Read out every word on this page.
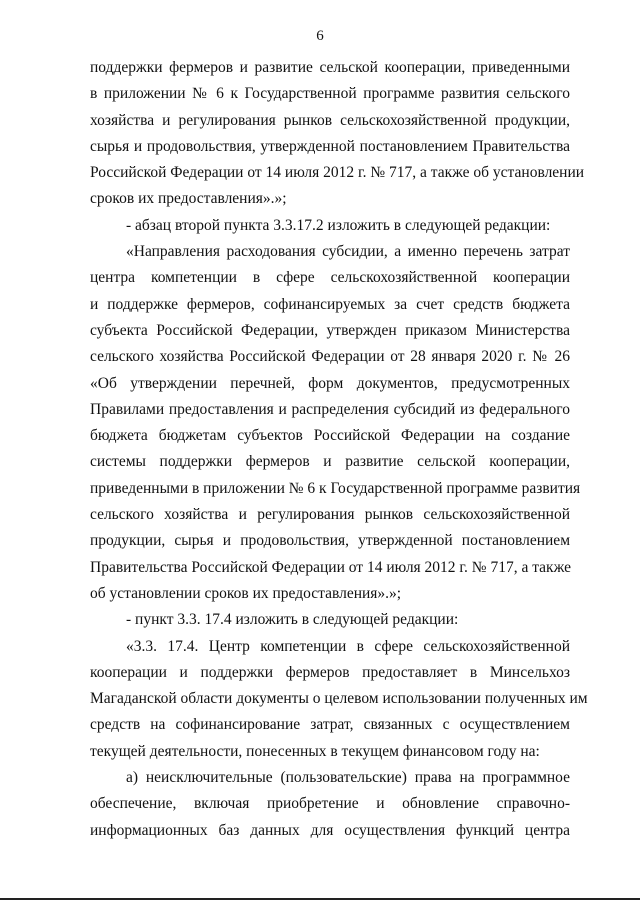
6

поддержки фермеров и развитие сельской кооперации, приведенными
в приложении № 6 к Государственной программе развития сельского
хозяйства и регулирования рынков сельскохозяйственной продукции,
сырья и продовольствия, утвержденной постановлением Правительства
Российской Федерации от 14 июля 2012 г. № 717, а также об установлении
сроков их предоставления».»;

- абзац второй пункта 3.3.17.2 изложить в следующей редакции:

«Направления расходования субсидии, а именно перечень затрат
центра компетенции в сфере сельскохозяйственной кооперации
и поддержке фермеров, софинансируемых за счет средств бюджета
субъекта Российской Федерации, утвержден приказом Министерства
сельского хозяйства Российской Федерации от 28 января 2020 г. № 26
«Об утверждении перечней, форм документов, предусмотренных
Правилами предоставления и распределения субсидий из федерального
бюджета бюджетам субъектов Российской Федерации на создание
системы поддержки фермеров и развитие сельской кооперации,
приведенными в приложении № 6 к Государственной программе развития
сельского хозяйства и регулирования рынков сельскохозяйственной
продукции, сырья и продовольствия, утвержденной постановлением
Правительства Российской Федерации от 14 июля 2012 г. № 717, а также
об установлении сроков их предоставления».»;

- пункт 3.3. 17.4 изложить в следующей редакции:

«3.3. 17.4. Центр компетенции в сфере сельскохозяйственной
кооперации и поддержки фермеров предоставляет в Минсельхоз
Магаданской области документы о целевом использовании полученных им
средств на софинансирование затрат, связанных с осуществлением
текущей деятельности, понесенных в текущем финансовом году на:

а) неисключительные (пользовательские) права на программное
обеспечение, включая приобретение и обновление справочно-
информационных баз данных для осуществления функций центра
